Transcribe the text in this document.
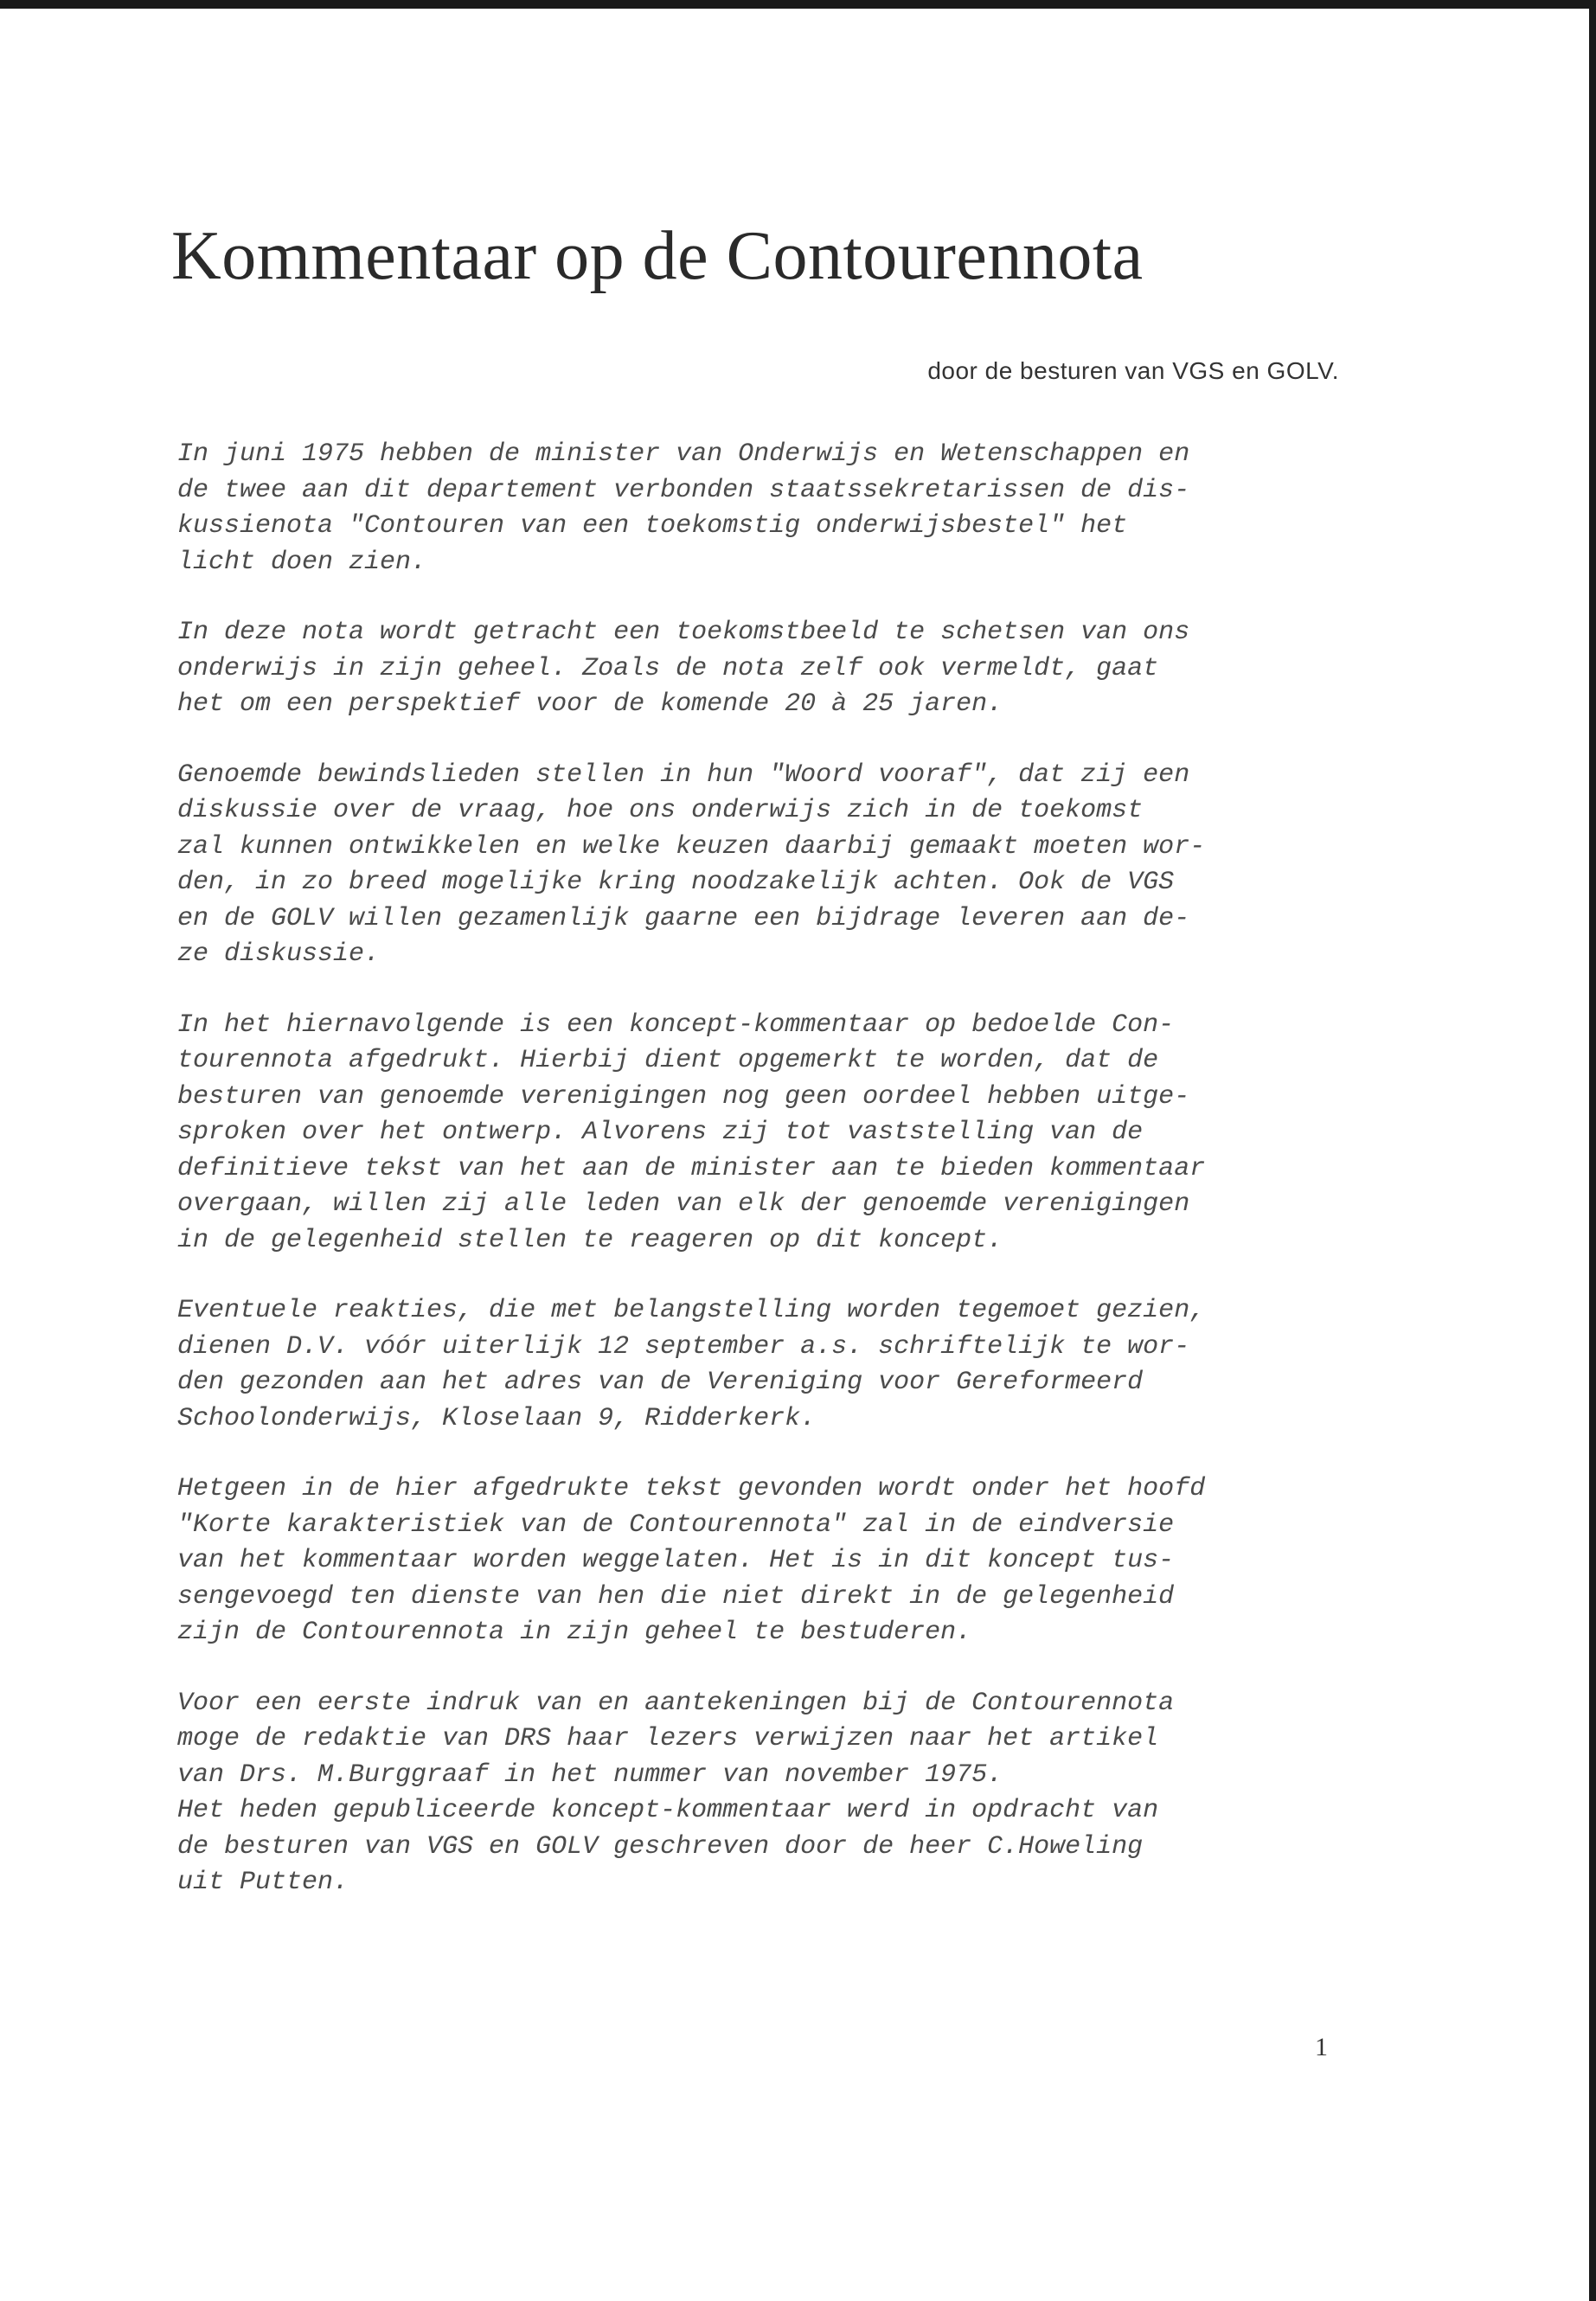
Kommentaar op de Contourennota
door de besturen van VGS en GOLV.

In juni 1975 hebben de minister van Onderwijs en Wetenschappen en
de twee aan dit departement verbonden staatssekretarissen de dis-
kussienota "Contouren van een toekomstig onderwijsbestel" het
licht doen zien.

In deze nota wordt getracht een toekomstbeeld te schetsen van ons
onderwijs in zijn geheel. Zoals de nota zelf ook vermeldt, gaat
het om een perspektief voor de komende 20 à 25 jaren.

Genoemde bewindslieden stellen in hun "Woord vooraf", dat zij een
diskussie over de vraag, hoe ons onderwijs zich in de toekomst
zal kunnen ontwikkelen en welke keuzen daarbij gemaakt moeten wor-
den, in zo breed mogelijke kring noodzakelijk achten. Ook de VGS
en de GOLV willen gezamenlijk gaarne een bijdrage leveren aan de-
ze diskussie.

In het hiernavolgende is een koncept-kommentaar op bedoelde Con-
tourennota afgedrukt. Hierbij dient opgemerkt te worden, dat de
besturen van genoemde verenigingen nog geen oordeel hebben uitge-
sproken over het ontwerp. Alvorens zij tot vaststelling van de
definitieve tekst van het aan de minister aan te bieden kommentaar
overgaan, willen zij alle leden van elk der genoemde verenigingen
in de gelegenheid stellen te reageren op dit koncept.

Eventuele reakties, die met belangstelling worden tegemoet gezien,
dienen D.V. vóór uiterlijk 12 september a.s. schriftelijk te wor-
den gezonden aan het adres van de Vereniging voor Gereformeerd
Schoolonderwijs, Kloselaan 9, Ridderkerk.

Hetgeen in de hier afgedrukte tekst gevonden wordt onder het hoofd
"Korte karakteristiek van de Contourennota" zal in de eindversie
van het kommentaar worden weggelaten. Het is in dit koncept tus-
sengevoegd ten dienste van hen die niet direkt in de gelegenheid
zijn de Contourennota in zijn geheel te bestuderen.

Voor een eerste indruk van en aantekeningen bij de Contourennota
moge de redaktie van DRS haar lezers verwijzen naar het artikel
van Drs. M.Burggraaf in het nummer van november 1975.
Het heden gepubliceerde koncept-kommentaar werd in opdracht van
de besturen van VGS en GOLV geschreven door de heer C.Howeling
uit Putten.

1
